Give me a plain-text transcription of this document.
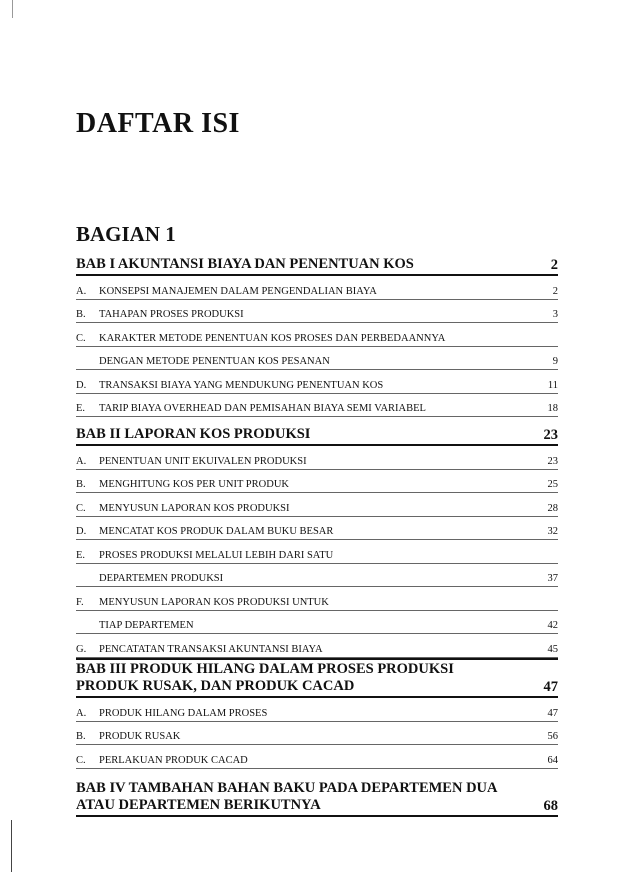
DAFTAR ISI
BAGIAN 1
BAB I AKUNTANSI BIAYA DAN PENENTUAN KOS	2
A. KONSEPSI MANAJEMEN DALAM PENGENDALIAN BIAYA	2
B. TAHAPAN PROSES PRODUKSI	3
C. KARAKTER METODE PENENTUAN KOS PROSES DAN PERBEDAANNYA
DENGAN METODE PENENTUAN KOS PESANAN	9
D. TRANSAKSI BIAYA YANG MENDUKUNG PENENTUAN KOS	11
E. TARIP BIAYA OVERHEAD DAN PEMISAHAN BIAYA SEMI VARIABEL	18
BAB II LAPORAN KOS PRODUKSI	23
A. PENENTUAN UNIT EKUIVALEN PRODUKSI	23
B. MENGHITUNG KOS PER UNIT PRODUK	25
C. MENYUSUN LAPORAN KOS PRODUKSI	28
D. MENCATAT KOS PRODUK DALAM BUKU BESAR	32
E. PROSES PRODUKSI MELALUI LEBIH DARI SATU
DEPARTEMEN PRODUKSI	37
F. MENYUSUN LAPORAN KOS PRODUKSI UNTUK
TIAP DEPARTEMEN	42
G. PENCATATAN TRANSAKSI AKUNTANSI BIAYA	45
BAB III PRODUK HILANG DALAM PROSES PRODUKSI
PRODUK RUSAK, DAN PRODUK CACAD	47
A. PRODUK HILANG DALAM PROSES	47
B. PRODUK RUSAK	56
C. PERLAKUAN PRODUK CACAD	64
BAB IV TAMBAHAN BAHAN BAKU PADA DEPARTEMEN DUA
ATAU DEPARTEMEN BERIKUTNYA	68
